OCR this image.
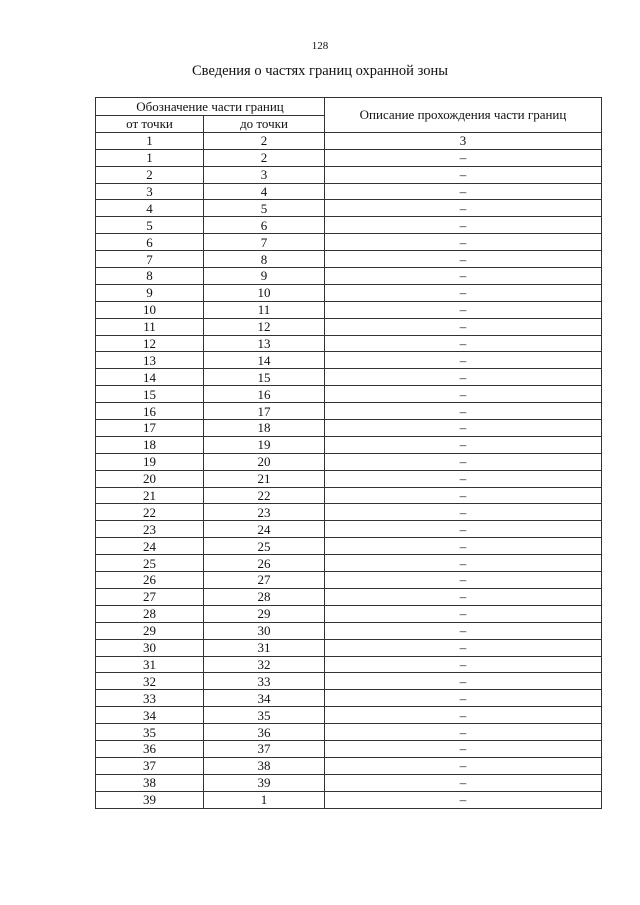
128
Сведения о частях границ охранной зоны
Обозначение части границ		Описание прохождения части границ
от точки	до точки	
1	2	3
1	2	–
2	3	–
3	4	–
4	5	–
5	6	–
6	7	–
7	8	–
8	9	–
9	10	–
10	11	–
11	12	–
12	13	–
13	14	–
14	15	–
15	16	–
16	17	–
17	18	–
18	19	–
19	20	–
20	21	–
21	22	–
22	23	–
23	24	–
24	25	–
25	26	–
26	27	–
27	28	–
28	29	–
29	30	–
30	31	–
31	32	–
32	33	–
33	34	–
34	35	–
35	36	–
36	37	–
37	38	–
38	39	–
39	1	–
